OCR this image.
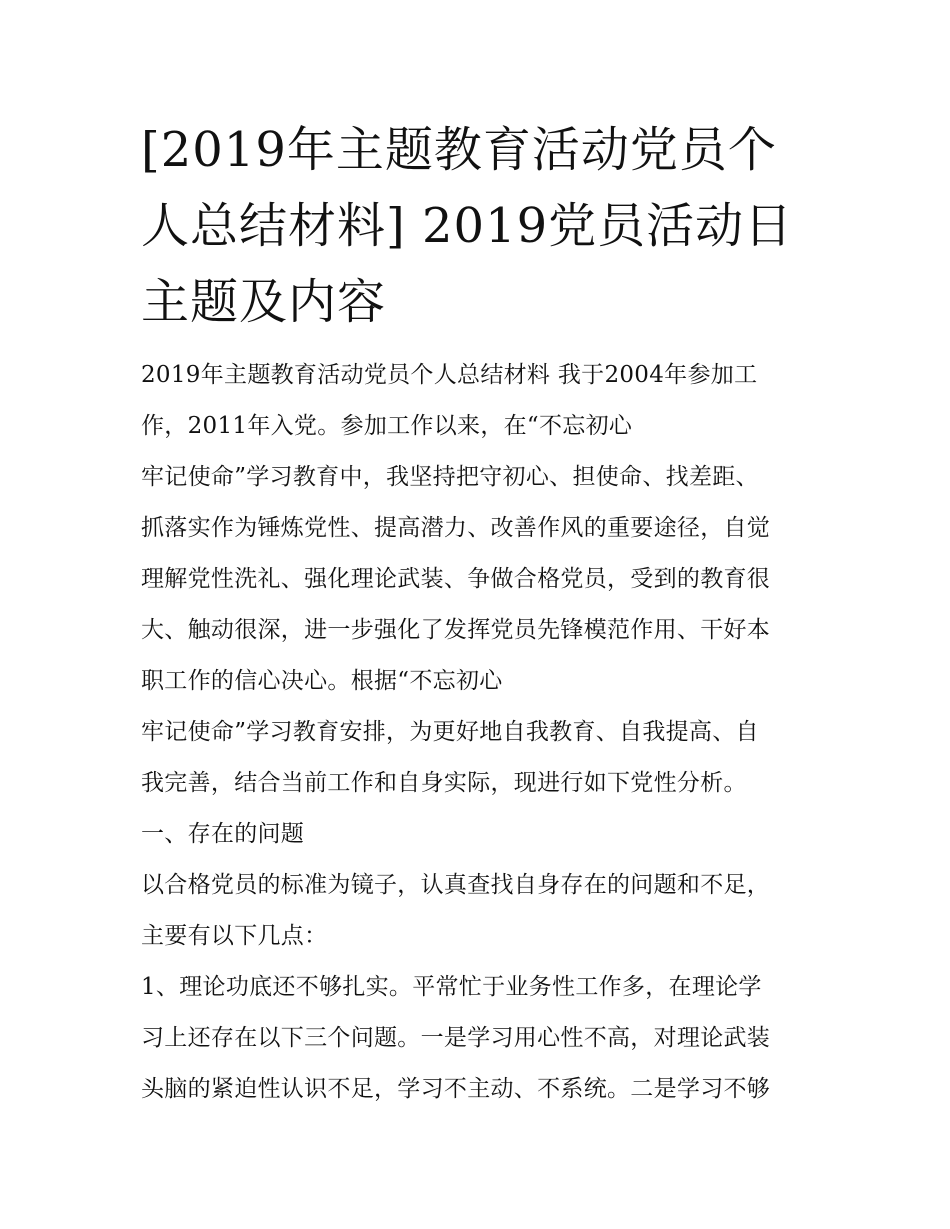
[2019年主题教育活动党员个人总结材料] 2019党员活动日主题及内容
2019年主题教育活动党员个人总结材料 我于2004年参加工
作，2011年入党。参加工作以来，在“不忘初心
牢记使命”学习教育中，我坚持把守初心、担使命、找差距、
抓落实作为锤炼党性、提高潜力、改善作风的重要途径，自觉
理解党性洗礼、强化理论武装、争做合格党员，受到的教育很
大、触动很深，进一步强化了发挥党员先锋模范作用、干好本
职工作的信心决心。根据“不忘初心
牢记使命”学习教育安排，为更好地自我教育、自我提高、自
我完善，结合当前工作和自身实际，现进行如下党性分析。
一、存在的问题
以合格党员的标准为镜子，认真查找自身存在的问题和不足，
主要有以下几点：
1、理论功底还不够扎实。平常忙于业务性工作多，在理论学
习上还存在以下三个问题。一是学习用心性不高，对理论武装
头脑的紧迫性认识不足，学习不主动、不系统。二是学习不够
